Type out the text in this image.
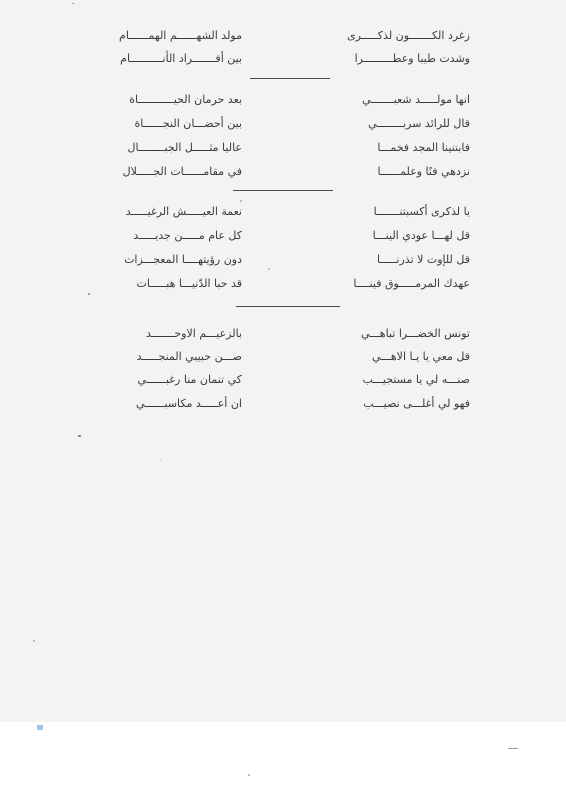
زغرد الكـــــــون لذكـــــرى
مولد الشهــــــم الهمــــــام
وشدت طيبا وعطـــــــــرا
بين أفـــــــراد الأنــــــــــام
انها مولـــــد شعبـــــــي
بعد حرمان الحيـــــــــــاة
قال للرائد سربــــــــي
بين أحضـــان النجــــــاة
فابتنينا المجد فخمـــا
عاليا مثـــــل الجبــــــــال
نزدهي فنًا وعلمــــــا
في مقامــــــات الجـــــلال
يا لذكرى أكسبتنـــــــا
نعمة العيـــــش الرغيـــــد
قل لهـــا عودي الينـــا
كل عام مـــــن جديـــــد
قل للإوت لا تذرنـــــا
دون رؤيتهــــا المعجـــزات
عهدك المرمـــــوق فينــــا
قد حبا الدّنيـــا هبـــــات
تونس الخضـــرا تباهـــي
بالزعيـــم الاوحـــــــد
قل معي يا يـا الاهـــي
صـــن حبيبي المنجـــــد
صنـــه لي يا مستجيـــب
كي تنمان منا رغبــــــي
فهو لي أغلـــى نصيـــب
ان أعـــــد مكاسبــــــي
